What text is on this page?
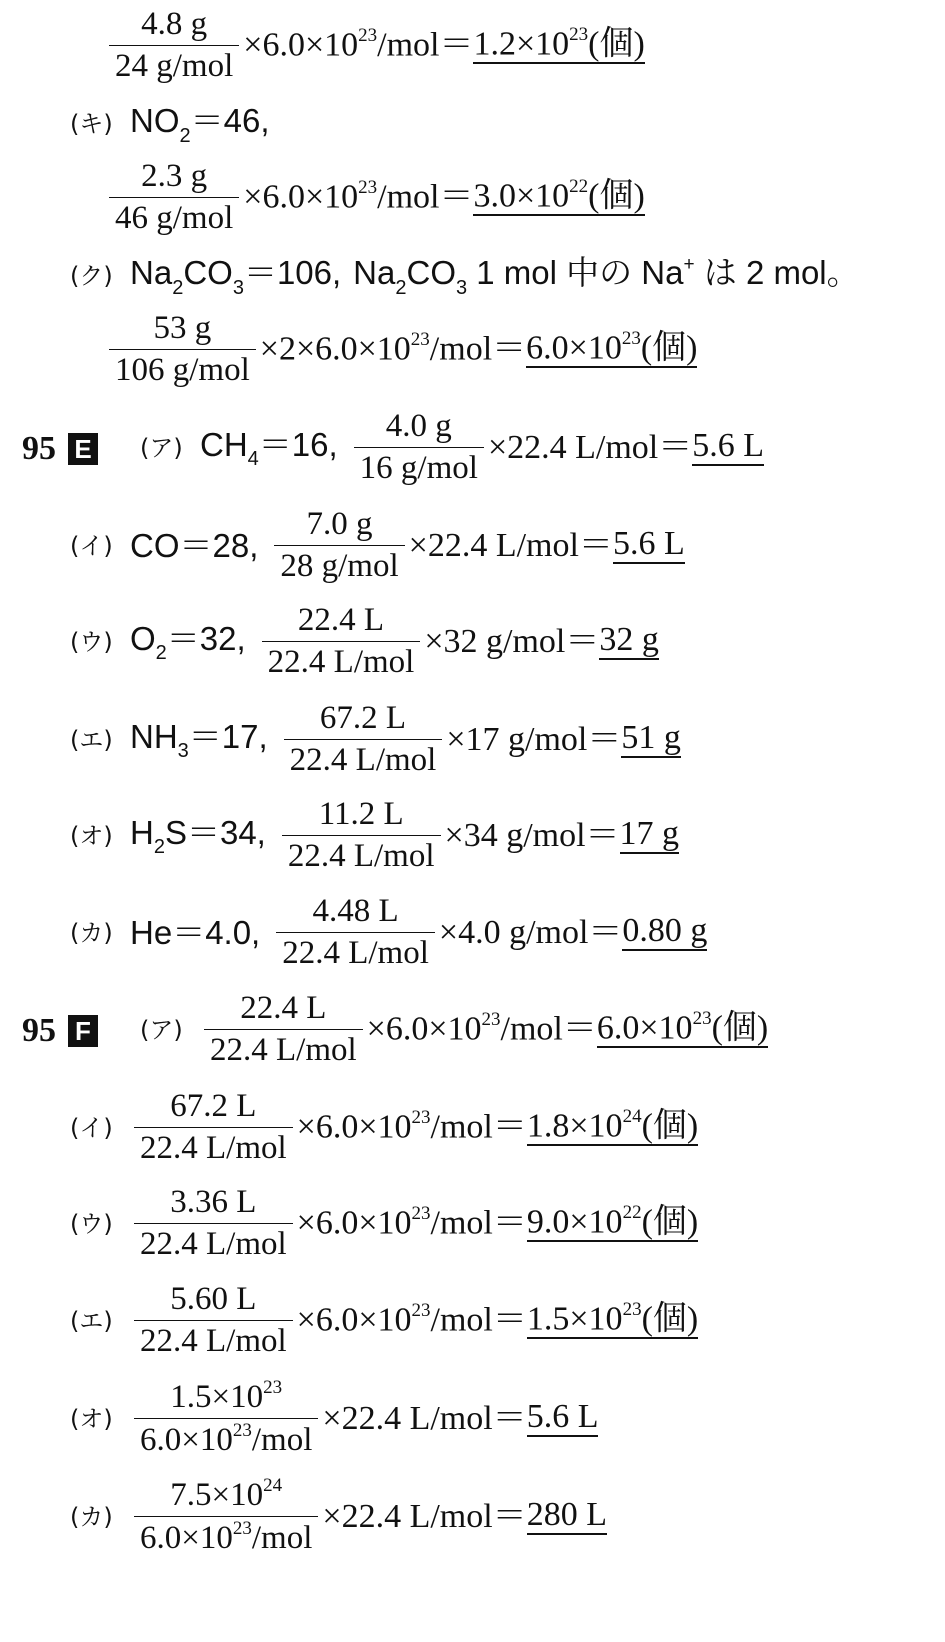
$\frac{4.8 g}{\text{24 g/mol}} \times 6.0\times 10^{23}/mol= 1.2\times 10^{23}$(個)
(キ) $NO_2=46$,
$\frac{2.3 g}{\text{46 g/mol}} \times 6.0\times 10^{23}/mol= 3.0\times 10^{22}$(個)
(ク) $Na_2CO_3=106$, $Na_2CO_3$ 1 mol 中の Na+ は 2 mol。
$\frac{53 g}{\text{106 g/mol}} \times 2\times 6.0\times 10^{23}/mol= 6.0\times 10^{23}$(個)
95 E (ア) $CH_4=16$, $\frac{4.0 g}{\text{16 g/mol}} \times 22.4$ L/mol＝ 5.6 L
(イ) CO＝28, $\frac{7.0 g}{\text{28 g/mol}} \times 22.4$ L/mol＝ 5.6 L
(ウ) $O_2=32$, $\frac{22.4 L}{\text{22.4 L/mol}} \times 32$ g/mol＝ 32 g
(エ) $NH_3=17$, $\frac{67.2 L}{\text{22.4 L/mol}} \times 17$ g/mol＝ 51 g
(オ) $H_2S=34$, $\frac{11.2 L}{\text{22.4 L/mol}} \times 34$ g/mol＝ 17 g
(カ) He＝4.0, $\frac{4.48 L}{\text{22.4 L/mol}} \times 4.0$ g/mol＝ 0.80 g
95 F (ア) $\frac{22.4 L}{\text{22.4 L/mol}} \times 6.0\times 10^{23}/mol= 6.0\times 10^{23}$(個)
(イ) $\frac{67.2 L}{\text{22.4 L/mol}} \times 6.0\times 10^{23}/mol= 1.8\times 10^{24}$(個)
(ウ) $\frac{3.36 L}{\text{22.4 L/mol}} \times 6.0\times 10^{23}/mol= 9.0\times 10^{22}$(個)
(エ) $\frac{5.60 L}{\text{22.4 L/mol}} \times 6.0\times 10^{23}/mol= 1.5\times 10^{23}$(個)
(オ) $\frac{1.5\times 10^{23}}{6.0\times 10^{23}/mol} \times 22.4$ L/mol＝ 5.6 L
(カ) $\frac{7.5\times 10^{24}}{6.0\times 10^{23}/mol} \times 22.4$ L/mol＝ 280 L
